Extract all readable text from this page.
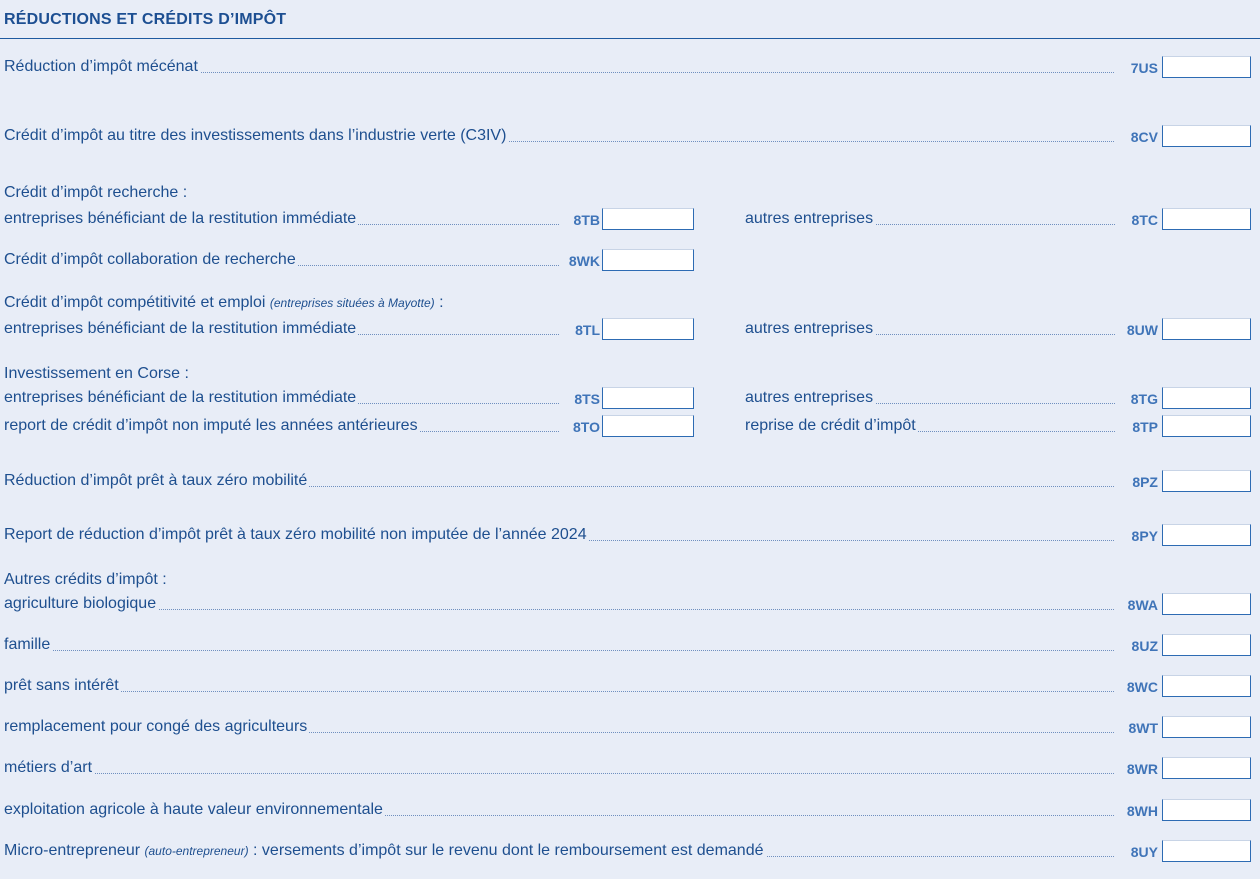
RÉDUCTIONS ET CRÉDITS D’IMPÔT
Réduction d’impôt mécénat	7US
Crédit d’impôt au titre des investissements dans l’industrie verte (C3IV)	8CV
Crédit d’impôt recherche :
entreprises bénéficiant de la restitution immédiate	8TB	autres entreprises	8TC
Crédit d’impôt collaboration de recherche	8WK
Crédit d’impôt compétitivité et emploi (entreprises situées à Mayotte) :
entreprises bénéficiant de la restitution immédiate	8TL	autres entreprises	8UW
Investissement en Corse :
entreprises bénéficiant de la restitution immédiate	8TS	autres entreprises	8TG
report de crédit d’impôt non imputé les années antérieures	8TO	reprise de crédit d’impôt	8TP
Réduction d’impôt prêt à taux zéro mobilité	8PZ
Report de réduction d’impôt prêt à taux zéro mobilité non imputée de l’année 2024	8PY
Autres crédits d’impôt :
agriculture biologique	8WA
famille	8UZ
prêt sans intérêt	8WC
remplacement pour congé des agriculteurs	8WT
métiers d’art	8WR
exploitation agricole à haute valeur environnementale	8WH
Micro-entrepreneur (auto-entrepreneur) : versements d’impôt sur le revenu dont le remboursement est demandé	8UY
